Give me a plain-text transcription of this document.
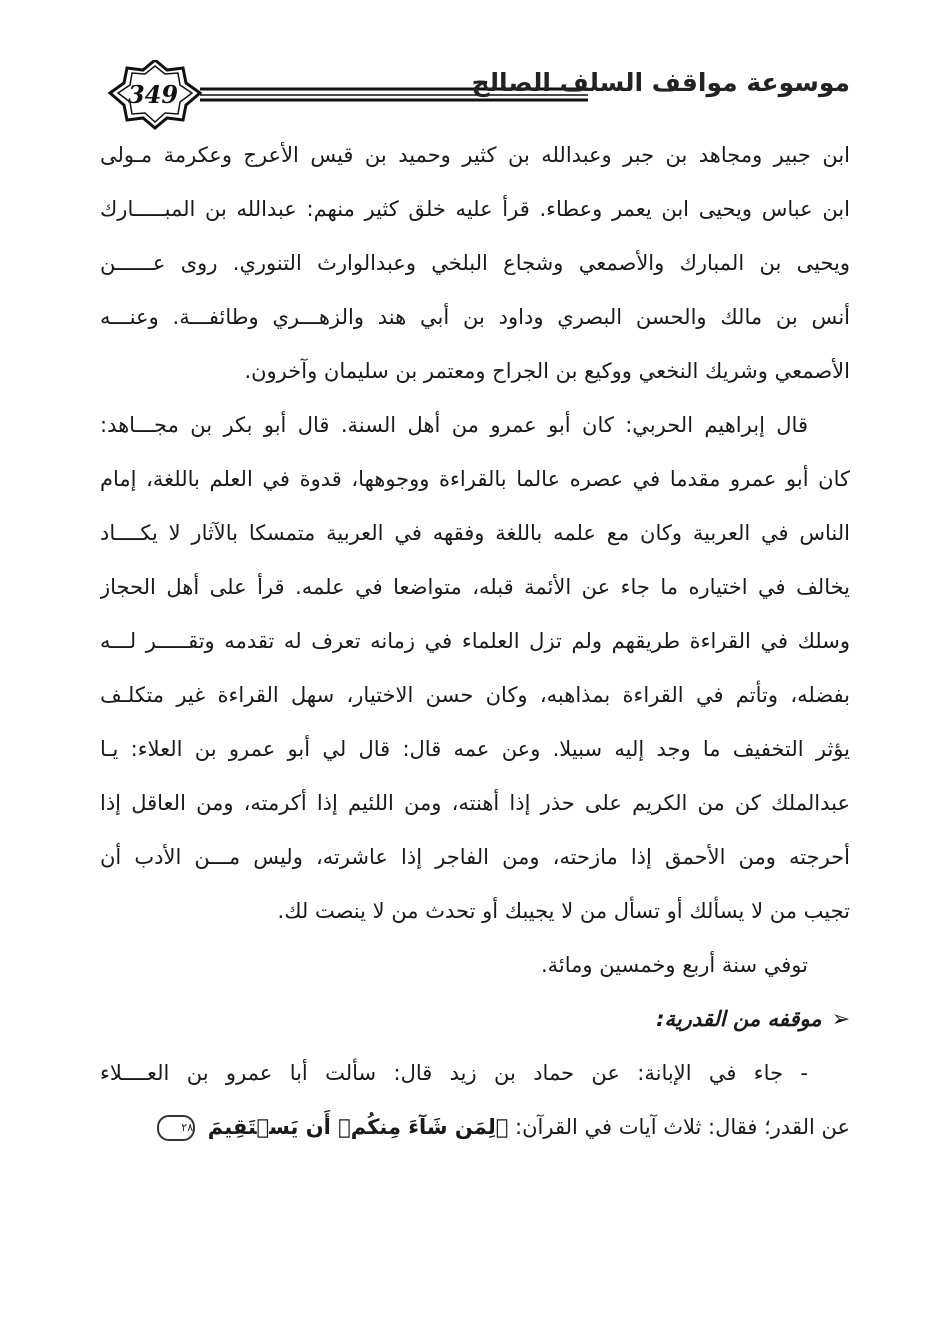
349	موسوعة مواقف السلف الصالح
ابن جبير ومجاهد بن جبر وعبدالله بن كثير وحميد بن قيس الأعرج وعكرمة مـولى
ابن عباس ويحيى ابن يعمر وعطاء. قرأ عليه خلق كثير منهم: عبدالله بن المبـــــارك
ويحيى بن المبارك والأصمعي وشجاع البلخي وعبدالوارث التنوري. روى عــــــن
أنس بن مالك والحسن البصري وداود بن أبي هند والزهـــري وطائفـــة. وعنـــه
الأصمعي وشريك النخعي ووكيع بن الجراح ومعتمر بن سليمان وآخرون.
قال إبراهيم الحربي: كان أبو عمرو من أهل السنة. قال أبو بكر بن مجـــاهد:
كان أبو عمرو مقدما في عصره عالما بالقراءة ووجوهها، قدوة في العلم باللغة، إمام
الناس في العربية وكان مع علمه باللغة وفقهه في العربية متمسكا بالآثار لا يكــــاد
يخالف في اختياره ما جاء عن الأئمة قبله، متواضعا في علمه. قرأ على أهل الحجاز
وسلك في القراءة طريقهم ولم تزل العلماء في زمانه تعرف له تقدمه وتقـــــر لـــه
بفضله، وتأتم في القراءة بمذاهبه، وكان حسن الاختيار، سهل القراءة غير متكلـف
يؤثر التخفيف ما وجد إليه سبيلا. وعن عمه قال: قال لي أبو عمرو بن العلاء: يـا
عبدالملك كن من الكريم على حذر إذا أهنته، ومن اللئيم إذا أكرمته، ومن العاقل إذا
أحرجته ومن الأحمق إذا مازحته، ومن الفاجر إذا عاشرته، وليس مـــن الأدب أن
تجيب من لا يسألك أو تسأل من لا يجيبك أو تحدث من لا ينصت لك.
توفي سنة أربع وخمسين ومائة.
➢موقفه من القدرية:
- جاء في الإبانة: عن حماد بن زيد قال: سألت أبا عمرو بن العــــلاء
عن القدر؛ فقال: ثلاث آيات في القرآن: ﴿لِمَن شَآءَ مِنكُمۡ أَن يَسۡتَقِيمَ ٢٨
